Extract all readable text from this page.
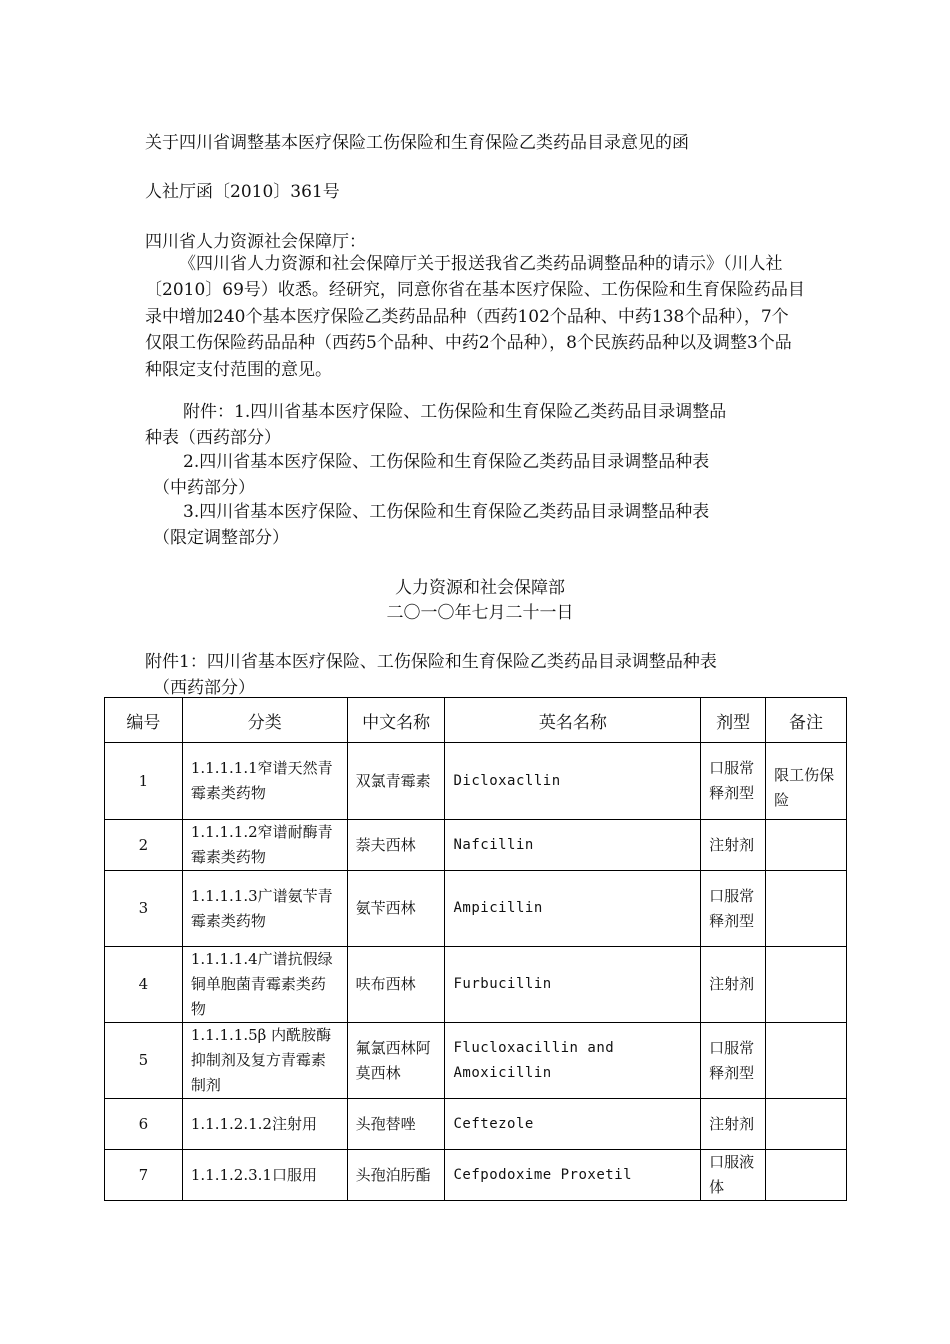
关于四川省调整基本医疗保险工伤保险和生育保险乙类药品目录意见的函
人社厅函〔2010〕361号
四川省人力资源社会保障厅：

《四川省人力资源和社会保障厅关于报送我省乙类药品调整品种的请示》（川人社〔2010〕69号）收悉。经研究，同意你省在基本医疗保险、工伤保险和生育保险药品目录中增加240个基本医疗保险乙类药品品种（西药102个品种、中药138个品种），7个仅限工伤保险药品品种（西药5个品种、中药2个品种），8个民族药品种以及调整3个品种限定支付范围的意见。

附件：1.四川省基本医疗保险、工伤保险和生育保险乙类药品目录调整品
种表（西药部分）

2.四川省基本医疗保险、工伤保险和生育保险乙类药品目录调整品种表
（中药部分）

3.四川省基本医疗保险、工伤保险和生育保险乙类药品目录调整品种表
（限定调整部分）

人力资源和社会保障部
二〇一〇年七月二十一日

附件1：四川省基本医疗保险、工伤保险和生育保险乙类药品目录调整品种表
（西药部分）

编号	分类	中文名称	英名名称	剂型	备注
1	1.1.1.1.1窄谱天然青霉素类药物	双氯青霉素	Dicloxacllin	口服常释剂型	限工伤保险
2	1.1.1.1.2窄谱耐酶青霉素类药物	萘夫西林	Nafcillin	注射剂	
3	1.1.1.1.3广谱氨苄青霉素类药物	氨苄西林	Ampicillin	口服常释剂型	
4	1.1.1.1.4广谱抗假绿铜单胞菌青霉素类药物	呋布西林	Furbucillin	注射剂	
5	1.1.1.1.5β 内酰胺酶抑制剂及复方青霉素制剂	氟氯西林阿莫西林	Flucloxacillin and Amoxicillin	口服常释剂型	
6	1.1.1.2.1.2注射用	头孢替唑	Ceftezole	注射剂	
7	1.1.1.2.3.1口服用	头孢泊肟酯	Cefpodoxime Proxetil	口服液体	
